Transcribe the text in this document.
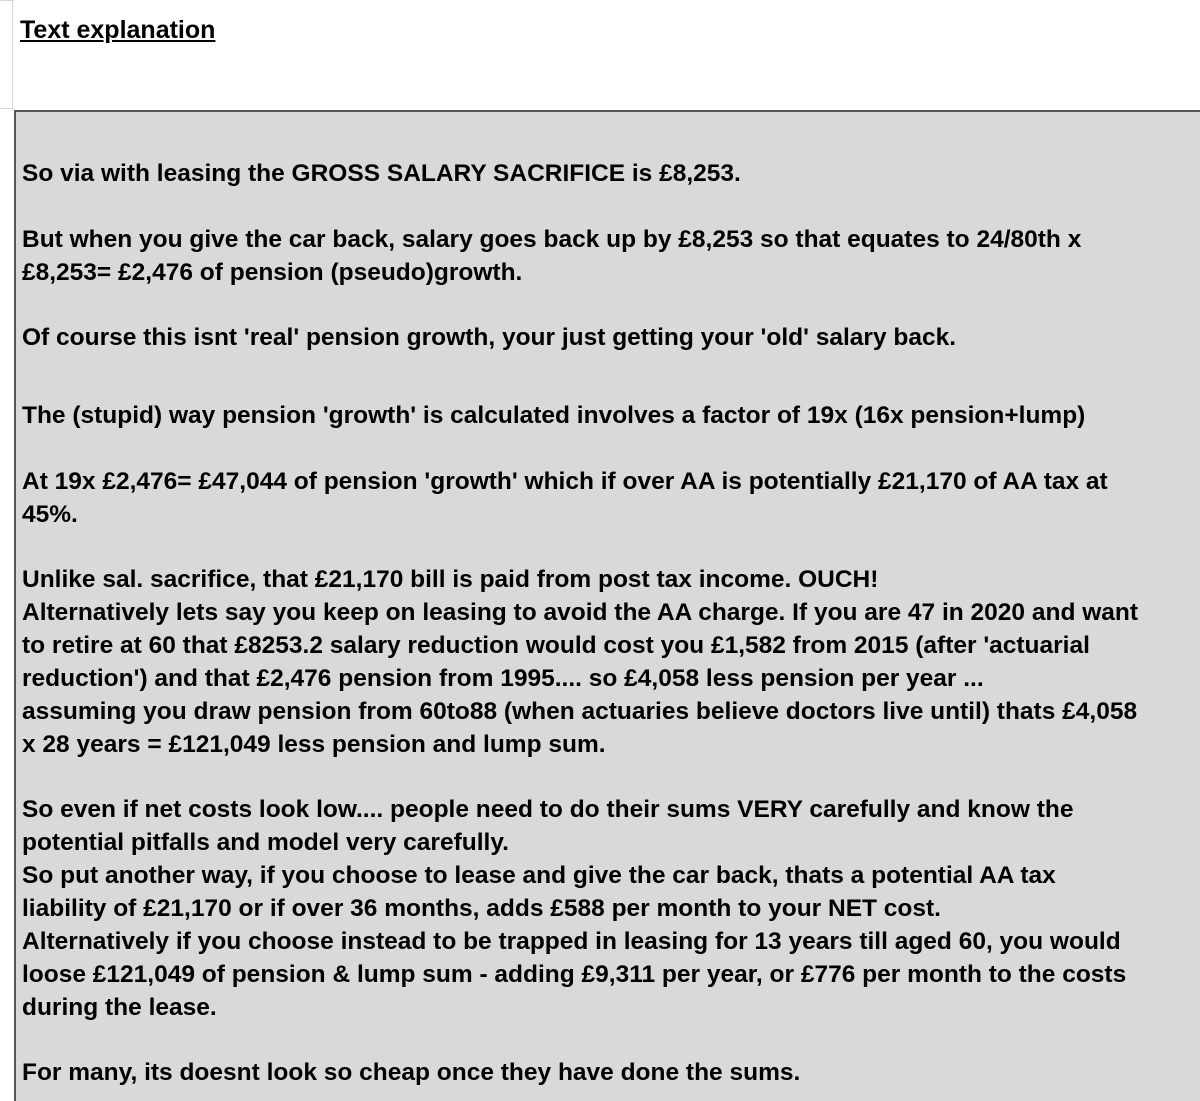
Text explanation
So via with leasing the GROSS SALARY SACRIFICE is £8,253.
But when you give the car back, salary goes back up by £8,253 so that equates to 24/80th x
£8,253= £2,476 of pension (pseudo)growth.
Of course this isnt 'real' pension growth, your just getting your 'old' salary back.
The (stupid) way pension 'growth' is calculated involves a factor of 19x (16x pension+lump)
At 19x £2,476= £47,044 of pension 'growth' which if over AA is potentially £21,170 of AA tax at
45%.
Unlike sal. sacrifice, that £21,170 bill is paid from post tax income. OUCH!
Alternatively lets say you keep on leasing to avoid the AA charge. If you are 47 in 2020 and want
to retire at 60 that £8253.2 salary reduction would cost you £1,582 from 2015 (after 'actuarial
reduction') and that £2,476 pension from 1995.... so £4,058 less pension per year ...
assuming you draw pension from 60to88 (when actuaries believe doctors live until) thats £4,058
x 28 years = £121,049 less pension and lump sum.
So even if net costs look low.... people need to do their sums VERY carefully and know the
potential pitfalls and model very carefully.
So put another way, if you choose to lease and give the car back, thats a potential AA tax
liability of £21,170 or if over 36 months, adds £588 per month to your NET cost.
Alternatively if you choose instead to be trapped in leasing for 13 years till aged 60, you would
loose £121,049 of pension & lump sum - adding £9,311 per year, or £776 per month to the costs
during the lease.
For many, its doesnt look so cheap once they have done the sums.
